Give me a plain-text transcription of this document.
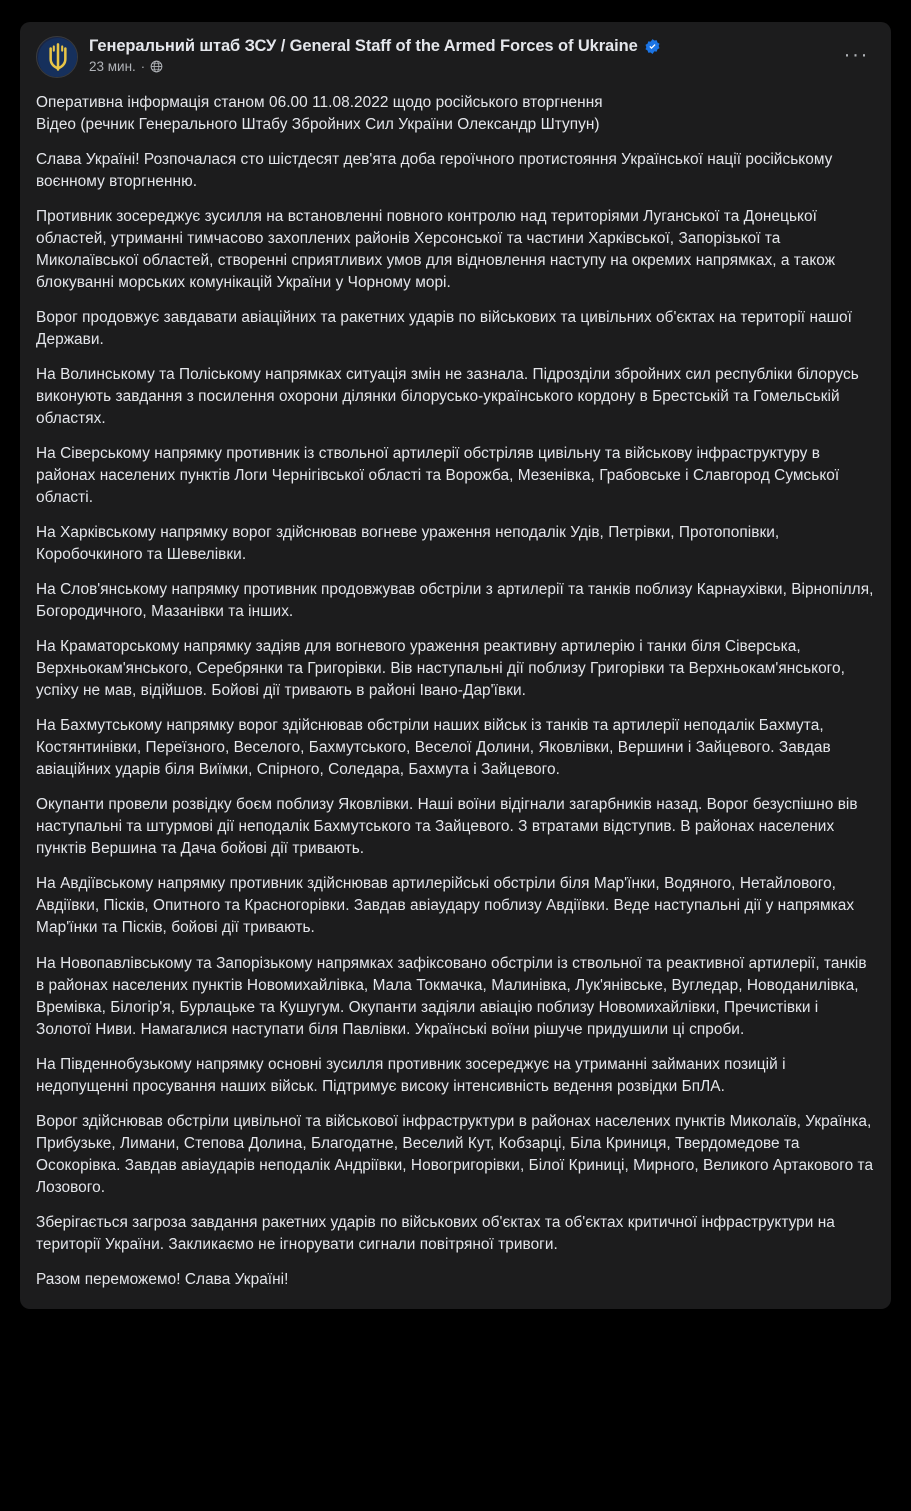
Генеральний штаб ЗСУ / General Staff of the Armed Forces of Ukraine
23 мин. ·
···

Оперативна інформація станом 06.00 11.08.2022 щодо російського вторгнення

Відео (речник Генерального Штабу Збройних Сил України Олександр Штупун)

Слава Україні! Розпочалася сто шістдесят дев'ята доба героїчного протистояння Української нації російському воєнному вторгненню.

Противник зосереджує зусилля на встановленні повного контролю над територіями Луганської та Донецької областей, утриманні тимчасово захоплених районів Херсонської та частини Харківської, Запорізької та Миколаївської областей, створенні сприятливих умов для відновлення наступу на окремих напрямках, а також блокуванні морських комунікацій України у Чорному морі.

Ворог продовжує завдавати авіаційних та ракетних ударів по військових та цивільних об'єктах на території нашої Держави.

На Волинському та Поліському напрямках ситуація змін не зазнала. Підрозділи збройних сил республіки білорусь виконують завдання з посилення охорони ділянки білорусько-українського кордону в Брестській та Гомельській областях.

На Сіверському напрямку противник із ствольної артилерії обстріляв цивільну та військову інфраструктуру в районах населених пунктів Логи Чернігівської області та Ворожба, Мезенівка, Грабовське і Славгород Сумської області.

На Харківському напрямку ворог здійснював вогневе ураження неподалік Удів, Петрівки, Протопопівки, Коробочкиного та Шевелівки.

На Слов'янському напрямку противник продовжував обстріли з артилерії та танків поблизу Карнаухівки, Вірнопілля, Богородичного, Мазанівки та інших.

На Краматорському напрямку задіяв для вогневого ураження реактивну артилерію і танки біля Сіверська, Верхньокам'янського, Серебрянки та Григорівки. Вів наступальні дії поблизу Григорівки та Верхньокам'янського, успіху не мав, відійшов. Бойові дії тривають в районі Івано-Дар'ївки.

На Бахмутському напрямку ворог здійснював обстріли наших військ із танків та артилерії неподалік Бахмута, Костянтинівки, Переїзного, Веселого, Бахмутського, Веселої Долини, Яковлівки, Вершини і Зайцевого. Завдав авіаційних ударів біля Виїмки, Спірного, Соледара, Бахмута і Зайцевого.

Окупанти провели розвідку боєм поблизу Яковлівки. Наші воїни відігнали загарбників назад. Ворог безуспішно вів наступальні та штурмові дії неподалік Бахмутського та Зайцевого. З втратами відступив. В районах населених пунктів Вершина та Дача бойові дії тривають.

На Авдіївському напрямку противник здійснював артилерійські обстріли біля Мар'їнки, Водяного, Нетайлового, Авдіївки, Пісків, Опитного та Красногорівки. Завдав авіаудару поблизу Авдіївки. Веде наступальні дії у напрямках Мар'їнки та Пісків, бойові дії тривають.

На Новопавлівському та Запорізькому напрямках зафіксовано обстріли із ствольної та реактивної артилерії, танків в районах населених пунктів Новомихайлівка, Мала Токмачка, Малинівка, Лук'янівське, Вугледар, Новоданилівка, Времівка, Білогір'я, Бурлацьке та Кушугум. Окупанти задіяли авіацію поблизу Новомихайлівки, Пречистівки і Золотої Ниви. Намагалися наступати біля Павлівки. Українські воїни рішуче придушили ці спроби.

На Південнобузькому напрямку основні зусилля противник зосереджує на утриманні займаних позицій і недопущенні просування наших військ. Підтримує високу інтенсивність ведення розвідки БпЛА.

Ворог здійснював обстріли цивільної та військової інфраструктури в районах населених пунктів Миколаїв, Українка, Прибузьке, Лимани, Степова Долина, Благодатне, Веселий Кут, Кобзарці, Біла Криниця, Твердомедове та Осокорівка. Завдав авіаударів неподалік Андріївки, Новогригорівки, Білої Криниці, Мирного, Великого Артакового та Лозового.

Зберігається загроза завдання ракетних ударів по військових об'єктах та об'єктах критичної інфраструктури на території України. Закликаємо не ігнорувати сигнали повітряної тривоги.

Разом переможемо! Слава Україні!
